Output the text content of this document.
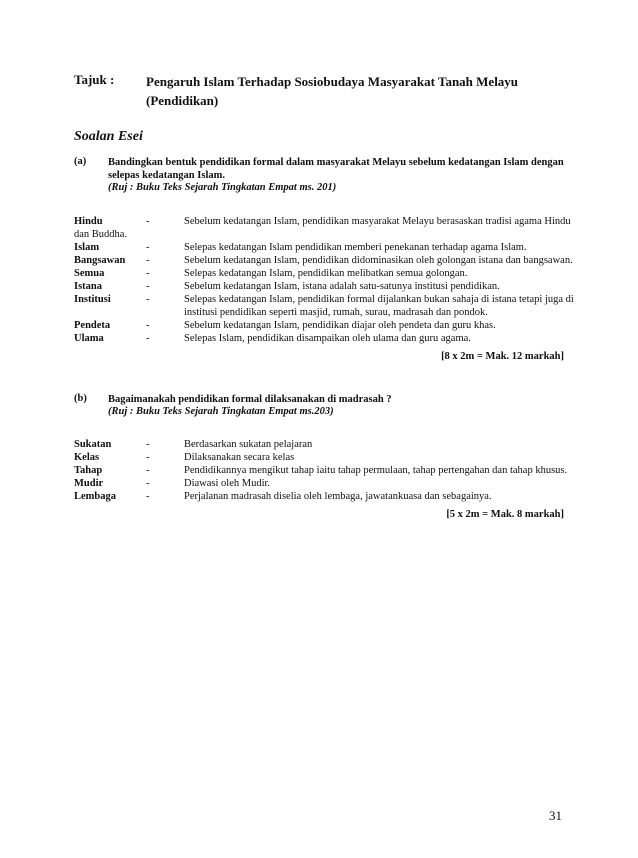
Tajuk : Pengaruh Islam Terhadap Sosiobudaya Masyarakat Tanah Melayu
(Pendidikan)
Soalan Esei
(a) Bandingkan bentuk pendidikan formal dalam masyarakat Melayu sebelum kedatangan Islam dengan selepas kedatangan Islam.
(Ruj : Buku Teks Sejarah Tingkatan Empat ms. 201)
Hindu	-	Sebelum kedatangan Islam, pendidikan masyarakat Melayu berasaskan tradisi agama Hindu
dan Buddha.
Islam	-	Selepas kedatangan Islam pendidikan memberi penekanan terhadap agama Islam.
Bangsawan -	Sebelum kedatangan Islam, pendidikan didominasikan oleh golongan istana dan bangsawan.
Semua	-	Selepas kedatangan Islam, pendidikan melibatkan semua golongan.
Istana	-	Sebelum kedatangan Islam, istana adalah satu-satunya institusi pendidikan.
Institusi	-	Selepas kedatangan Islam, pendidikan formal dijalankan bukan sahaja di istana tetapi juga di institusi pendidikan seperti masjid, rumah, surau, madrasah dan pondok.
Pendeta	-	Sebelum kedatangan Islam, pendidikan diajar oleh pendeta dan guru khas.
Ulama	-	Selepas Islam, pendidikan disampaikan oleh ulama dan guru agama.
[8 x 2m = Mak. 12 markah]
(b) Bagaimanakah pendidikan formal dilaksanakan di madrasah ?
(Ruj : Buku Teks Sejarah Tingkatan Empat ms.203)
Sukatan	-	Berdasarkan sukatan pelajaran
Kelas	-	Dilaksanakan secara kelas
Tahap	-	Pendidikannya mengikut tahap iaitu tahap permulaan, tahap pertengahan dan tahap khusus.
Mudir	-	Diawasi oleh Mudir.
Lembaga	-	Perjalanan madrasah diselia oleh lembaga, jawatankuasa dan sebagainya.
[5 x 2m = Mak. 8 markah]
31
